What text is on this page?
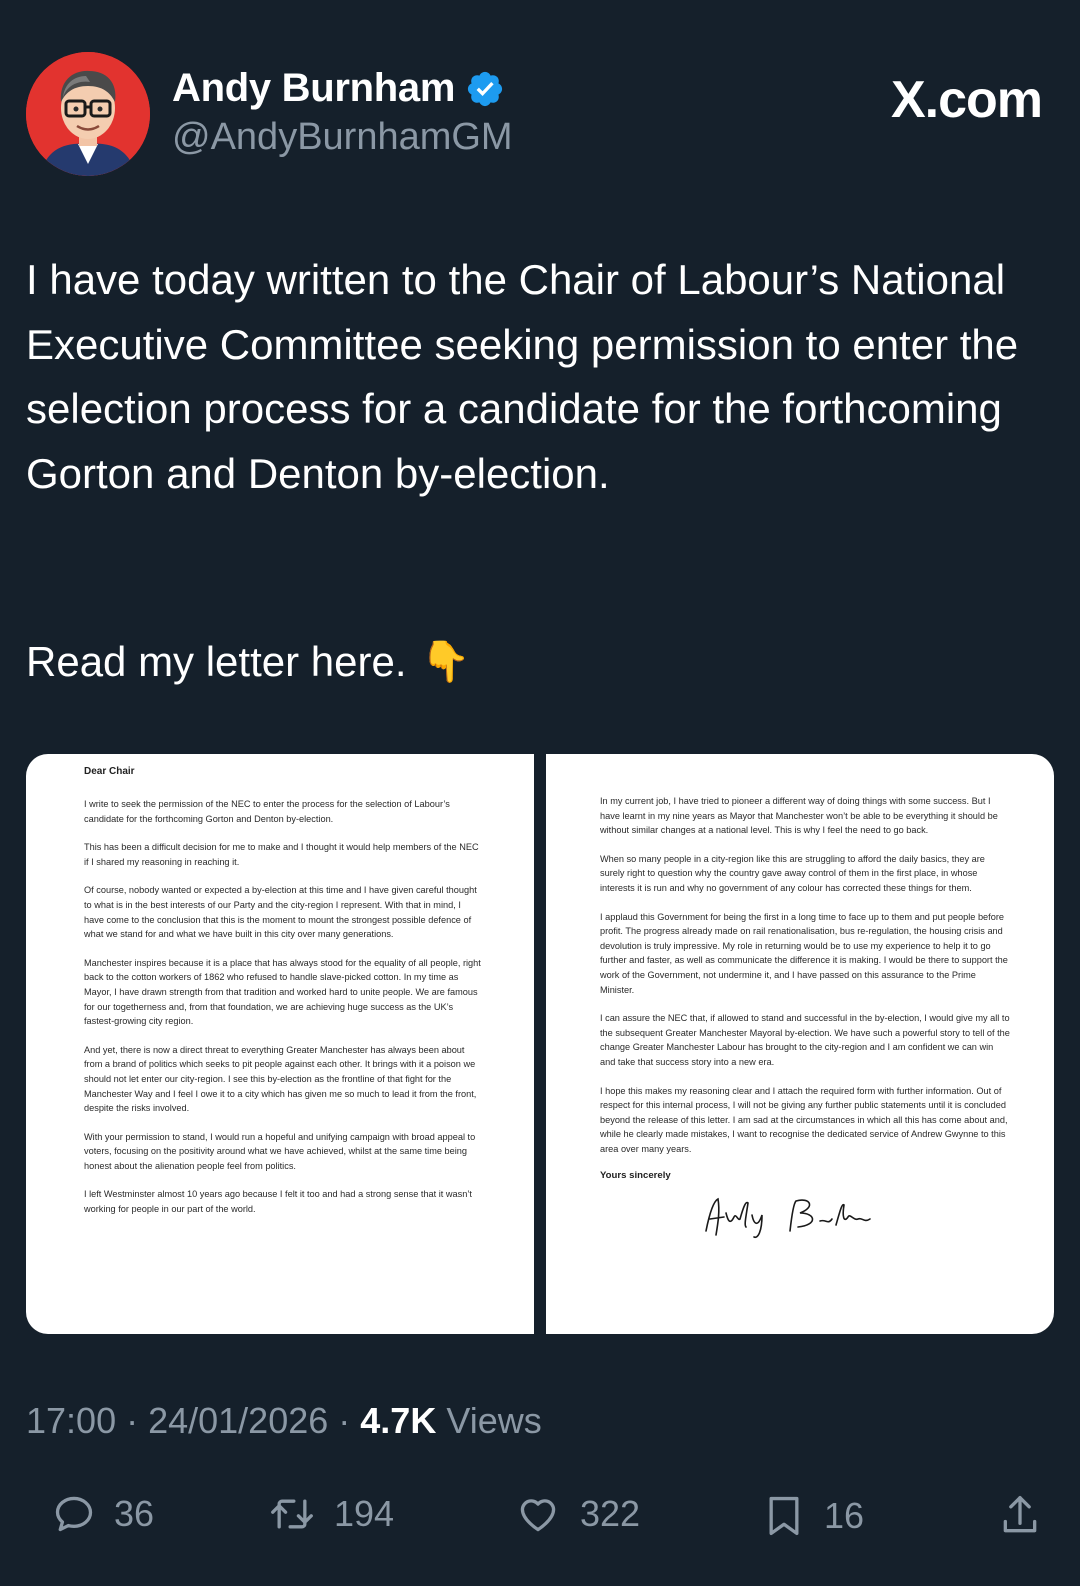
Andy Burnham
@AndyBurnhamGM
X.com

I have today written to the Chair of Labour’s National Executive Committee seeking permission to enter the selection process for a candidate for the forthcoming Gorton and Denton by-election.

Read my letter here. 👇
Dear Chair

I write to seek the permission of the NEC to enter the process for the selection of Labour’s candidate for the forthcoming Gorton and Denton by-election.

This has been a difficult decision for me to make and I thought it would help members of the NEC if I shared my reasoning in reaching it.

Of course, nobody wanted or expected a by-election at this time and I have given careful thought to what is in the best interests of our Party and the city-region I represent. With that in mind, I have come to the conclusion that this is the moment to mount the strongest possible defence of what we stand for and what we have built in this city over many generations.

Manchester inspires because it is a place that has always stood for the equality of all people, right back to the cotton workers of 1862 who refused to handle slave-picked cotton. In my time as Mayor, I have drawn strength from that tradition and worked hard to unite people. We are famous for our togetherness and, from that foundation, we are achieving huge success as the UK’s fastest-growing city region.

And yet, there is now a direct threat to everything Greater Manchester has always been about from a brand of politics which seeks to pit people against each other. It brings with it a poison we should not let enter our city-region. I see this by-election as the frontline of that fight for the Manchester Way and I feel I owe it to a city which has given me so much to lead it from the front, despite the risks involved.

With your permission to stand, I would run a hopeful and unifying campaign with broad appeal to voters, focusing on the positivity around what we have achieved, whilst at the same time being honest about the alienation people feel from politics.

I left Westminster almost 10 years ago because I felt it too and had a strong sense that it wasn’t working for people in our part of the world.

In my current job, I have tried to pioneer a different way of doing things with some success. But I have learnt in my nine years as Mayor that Manchester won’t be able to be everything it should be without similar changes at a national level. This is why I feel the need to go back.

When so many people in a city-region like this are struggling to afford the daily basics, they are surely right to question why the country gave away control of them in the first place, in whose interests it is run and why no government of any colour has corrected these things for them.

I applaud this Government for being the first in a long time to face up to them and put people before profit. The progress already made on rail renationalisation, bus re-regulation, the housing crisis and devolution is truly impressive. My role in returning would be to use my experience to help it to go further and faster, as well as communicate the difference it is making. I would be there to support the work of the Government, not undermine it, and I have passed on this assurance to the Prime Minister.

I can assure the NEC that, if allowed to stand and successful in the by-election, I would give my all to the subsequent Greater Manchester Mayoral by-election. We have such a powerful story to tell of the change Greater Manchester Labour has brought to the city-region and I am confident we can win and take that success story into a new era.

I hope this makes my reasoning clear and I attach the required form with further information. Out of respect for this internal process, I will not be giving any further public statements until it is concluded beyond the release of this letter. I am sad at the circumstances in which all this has come about and, while he clearly made mistakes, I want to recognise the dedicated service of Andrew Gwynne to this area over many years.

Yours sincerely
17:00 · 24/01/2026 · 4.7K Views
36	194	322	16
